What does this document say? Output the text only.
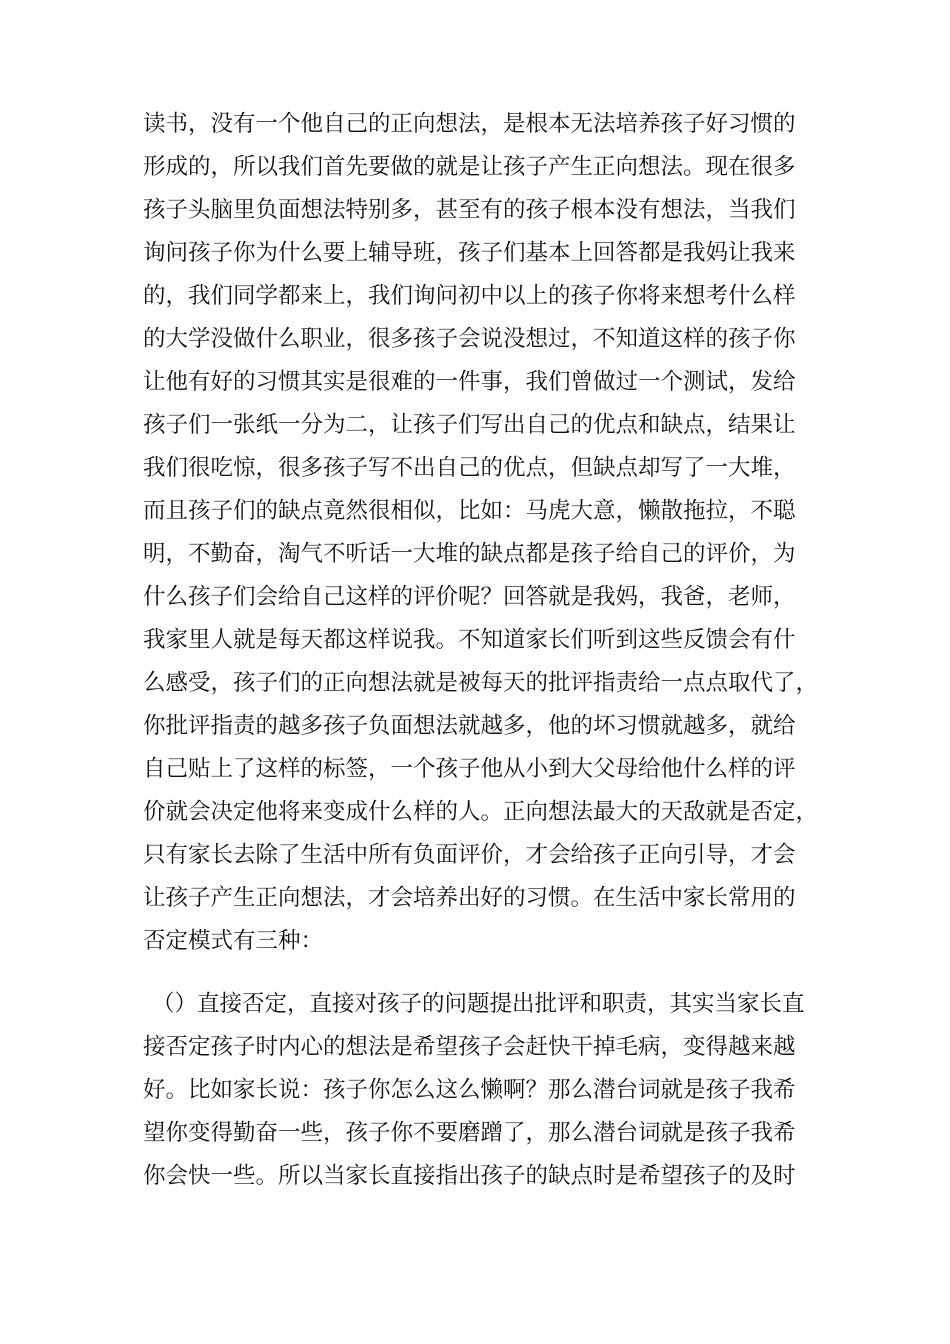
读书，没有一个他自己的正向想法，是根本无法培养孩子好习惯的
形成的，所以我们首先要做的就是让孩子产生正向想法。现在很多
孩子头脑里负面想法特别多，甚至有的孩子根本没有想法，当我们
询问孩子你为什么要上辅导班，孩子们基本上回答都是我妈让我来
的，我们同学都来上，我们询问初中以上的孩子你将来想考什么样
的大学没做什么职业，很多孩子会说没想过，不知道这样的孩子你
让他有好的习惯其实是很难的一件事，我们曾做过一个测试，发给
孩子们一张纸一分为二，让孩子们写出自己的优点和缺点，结果让
我们很吃惊，很多孩子写不出自己的优点，但缺点却写了一大堆，
而且孩子们的缺点竟然很相似，比如：马虎大意，懒散拖拉，不聪
明，不勤奋，淘气不听话一大堆的缺点都是孩子给自己的评价，为
什么孩子们会给自己这样的评价呢？回答就是我妈，我爸，老师，
我家里人就是每天都这样说我。不知道家长们听到这些反馈会有什
么感受，孩子们的正向想法就是被每天的批评指责给一点点取代了，
你批评指责的越多孩子负面想法就越多，他的坏习惯就越多，就给
自己贴上了这样的标签，一个孩子他从小到大父母给他什么样的评
价就会决定他将来变成什么样的人。正向想法最大的天敌就是否定，
只有家长去除了生活中所有负面评价，才会给孩子正向引导，才会
让孩子产生正向想法，才会培养出好的习惯。在生活中家长常用的
否定模式有三种：
（）直接否定，直接对孩子的问题提出批评和职责，其实当家长直
接否定孩子时内心的想法是希望孩子会赶快干掉毛病，变得越来越
好。比如家长说：孩子你怎么这么懒啊？那么潜台词就是孩子我希
望你变得勤奋一些，孩子你不要磨蹭了，那么潜台词就是孩子我希
你会快一些。所以当家长直接指出孩子的缺点时是希望孩子的及时
